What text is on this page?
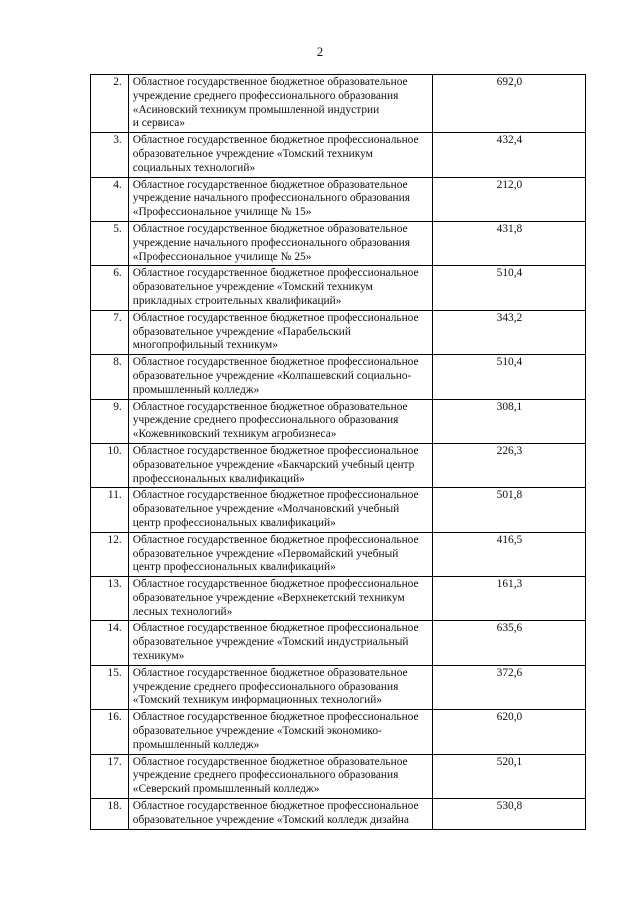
2
2.	Областное государственное бюджетное образовательное
учреждение среднего профессионального образования
«Асиновский техникум промышленной индустрии
и сервиса»	692,0
3.	Областное государственное бюджетное профессиональное
образовательное учреждение «Томский техникум
социальных технологий»	432,4
4.	Областное государственное бюджетное образовательное
учреждение начального профессионального образования
«Профессиональное училище № 15»	212,0
5.	Областное государственное бюджетное образовательное
учреждение начального профессионального образования
«Профессиональное училище № 25»	431,8
6.	Областное государственное бюджетное профессиональное
образовательное учреждение «Томский техникум
прикладных строительных квалификаций»	510,4
7.	Областное государственное бюджетное профессиональное
образовательное учреждение «Парабельский
многопрофильный техникум»	343,2
8.	Областное государственное бюджетное профессиональное
образовательное учреждение «Колпашевский социально-
промышленный колледж»	510,4
9.	Областное государственное бюджетное образовательное
учреждение среднего профессионального образования
«Кожевниковский техникум агробизнеса»	308,1
10.	Областное государственное бюджетное профессиональное
образовательное учреждение «Бакчарский учебный центр
профессиональных квалификаций»	226,3
11.	Областное государственное бюджетное профессиональное
образовательное учреждение «Молчановский учебный
центр профессиональных квалификаций»	501,8
12.	Областное государственное бюджетное профессиональное
образовательное учреждение «Первомайский учебный
центр профессиональных квалификаций»	416,5
13.	Областное государственное бюджетное профессиональное
образовательное учреждение «Верхнекетский техникум
лесных технологий»	161,3
14.	Областное государственное бюджетное профессиональное
образовательное учреждение «Томский индустриальный
техникум»	635,6
15.	Областное государственное бюджетное образовательное
учреждение среднего профессионального образования
«Томский техникум информационных технологий»	372,6
16.	Областное государственное бюджетное профессиональное
образовательное учреждение «Томский экономико-
промышленный колледж»	620,0
17.	Областное государственное бюджетное образовательное
учреждение среднего профессионального образования
«Северский промышленный колледж»	520,1
18.	Областное государственное бюджетное профессиональное
образовательное учреждение «Томский колледж дизайна	530,8
